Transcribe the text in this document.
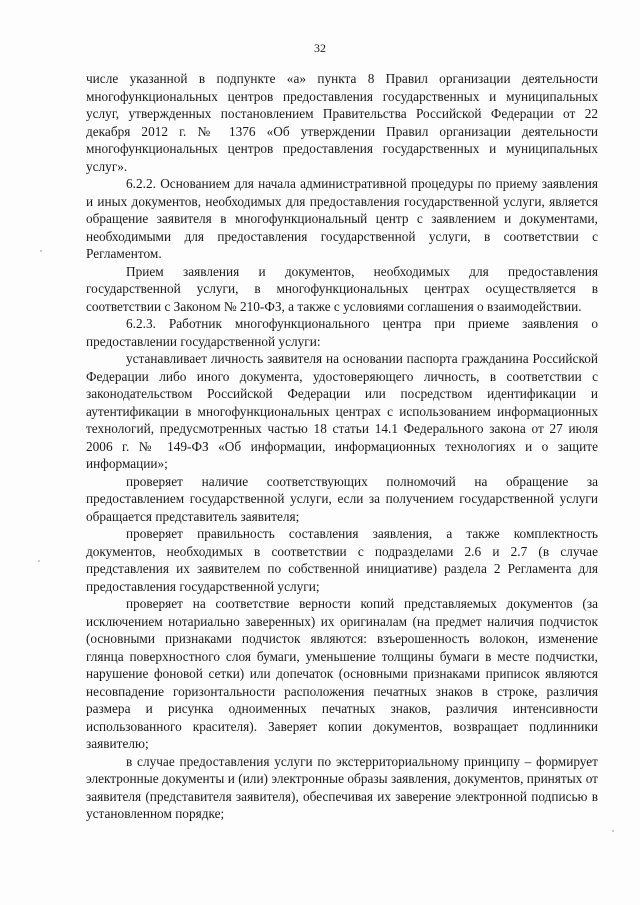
32

числе указанной в подпункте «а» пункта 8 Правил организации деятельности многофункциональных центров предоставления государственных и муниципальных услуг, утвержденных постановлением Правительства Российской Федерации от 22 декабря 2012 г. № 1376 «Об утверждении Правил организации деятельности многофункциональных центров предоставления государственных и муниципальных услуг».

6.2.2. Основанием для начала административной процедуры по приему заявления и иных документов, необходимых для предоставления государственной услуги, является обращение заявителя в многофункциональный центр с заявлением и документами, необходимыми для предоставления государственной услуги, в соответствии с Регламентом.

Прием заявления и документов, необходимых для предоставления государственной услуги, в многофункциональных центрах осуществляется в соответствии с Законом № 210-ФЗ, а также с условиями соглашения о взаимодействии.

6.2.3. Работник многофункционального центра при приеме заявления о предоставлении государственной услуги:

устанавливает личность заявителя на основании паспорта гражданина Российской Федерации либо иного документа, удостоверяющего личность, в соответствии с законодательством Российской Федерации или посредством идентификации и аутентификации в многофункциональных центрах с использованием информационных технологий, предусмотренных частью 18 статьи 14.1 Федерального закона от 27 июля 2006 г. № 149-ФЗ «Об информации, информационных технологиях и о защите информации»;

проверяет наличие соответствующих полномочий на обращение за предоставлением государственной услуги, если за получением государственной услуги обращается представитель заявителя;

проверяет правильность составления заявления, а также комплектность документов, необходимых в соответствии с подразделами 2.6 и 2.7 (в случае представления их заявителем по собственной инициативе) раздела 2 Регламента для предоставления государственной услуги;

проверяет на соответствие верности копий представляемых документов (за исключением нотариально заверенных) их оригиналам (на предмет наличия подчисток (основными признаками подчисток являются: взъерошенность волокон, изменение глянца поверхностного слоя бумаги, уменьшение толщины бумаги в месте подчистки, нарушение фоновой сетки) или допечаток (основными признаками приписок являются несовпадение горизонтальности расположения печатных знаков в строке, различия размера и рисунка одноименных печатных знаков, различия интенсивности использованного красителя). Заверяет копии документов, возвращает подлинники заявителю;

в случае предоставления услуги по экстерриториальному принципу – формирует электронные документы и (или) электронные образы заявления, документов, принятых от заявителя (представителя заявителя), обеспечивая их заверение электронной подписью в установленном порядке;
